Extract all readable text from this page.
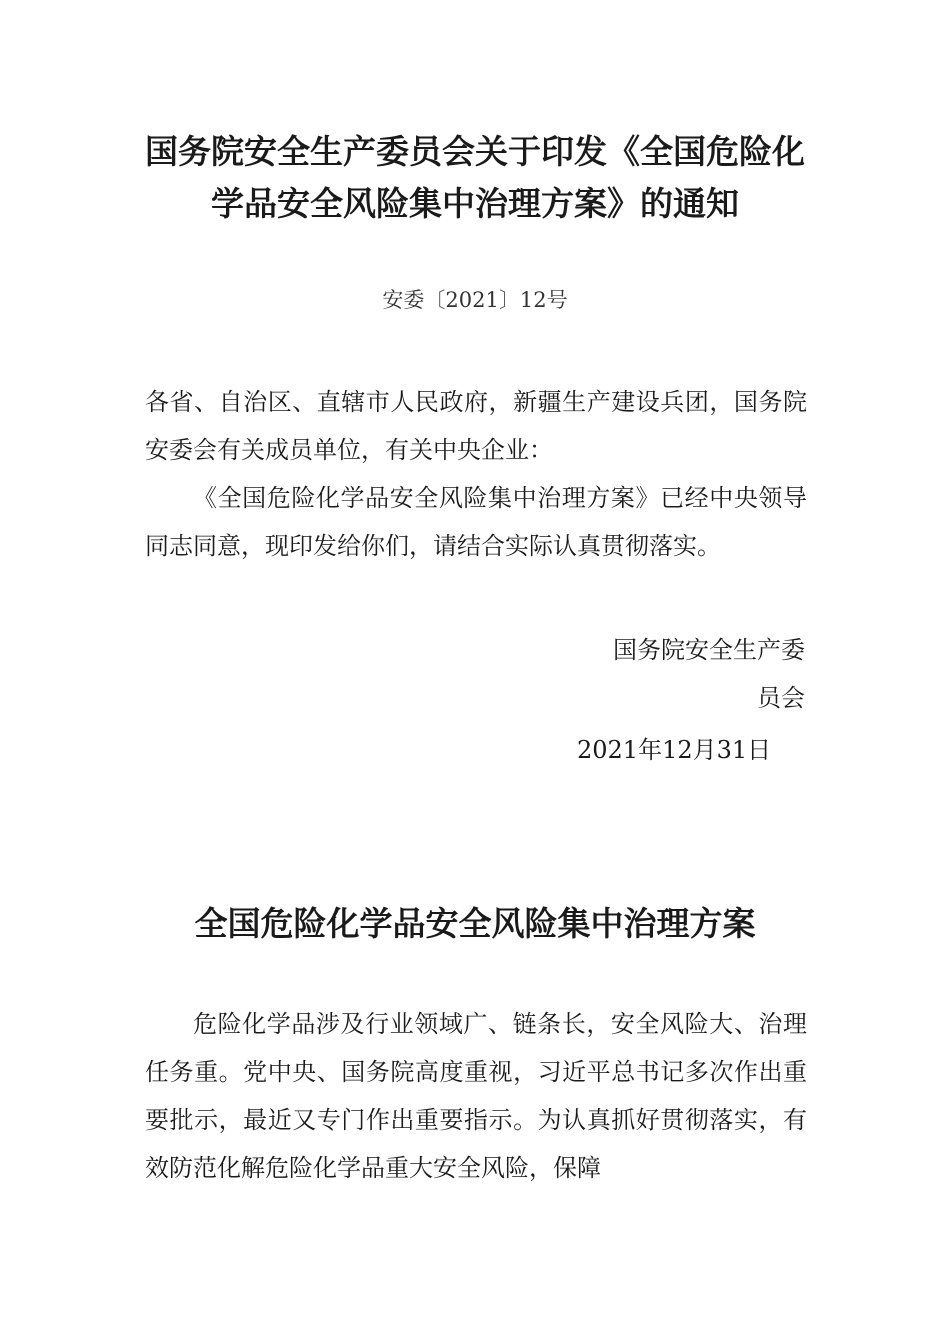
国务院安全生产委员会关于印发《全国危险化学品安全风险集中治理方案》的通知
安委〔2021〕12号

各省、自治区、直辖市人民政府，新疆生产建设兵团，国务院安委会有关成员单位，有关中央企业：

《全国危险化学品安全风险集中治理方案》已经中央领导同志同意，现印发给你们，请结合实际认真贯彻落实。

国务院安全生产委员会
2021年12月31日
全国危险化学品安全风险集中治理方案

危险化学品涉及行业领域广、链条长，安全风险大、治理任务重。党中央、国务院高度重视，习近平总书记多次作出重要批示，最近又专门作出重要指示。为认真抓好贯彻落实，有效防范化解危险化学品重大安全风险，保障
